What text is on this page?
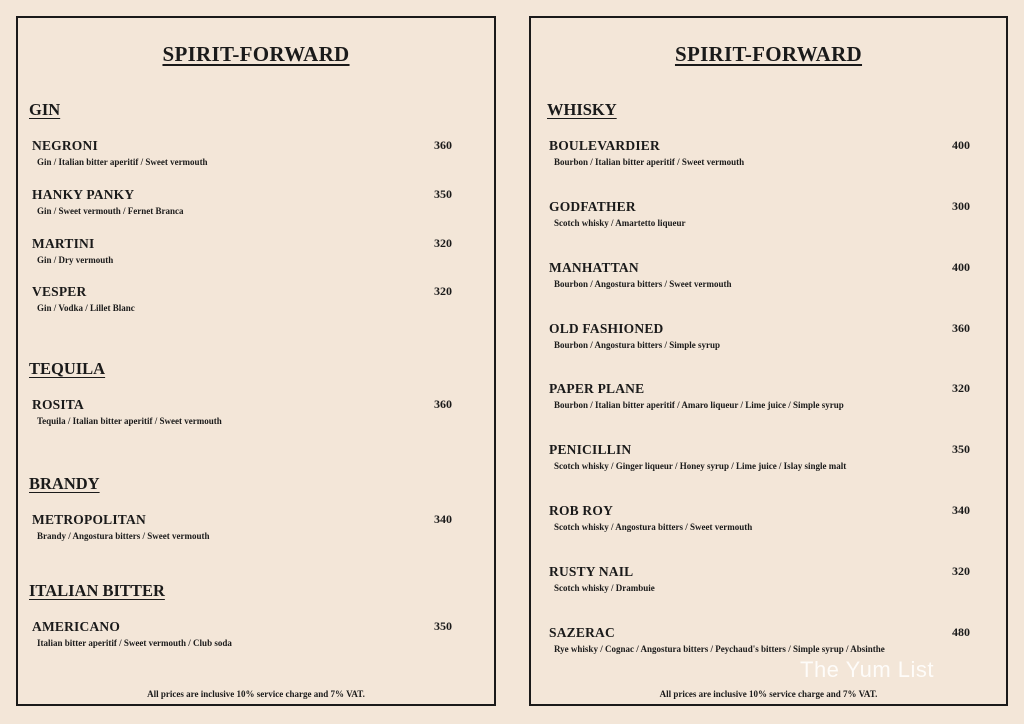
SPIRIT-FORWARD
GIN
NEGRONI	360
Gin / Italian bitter aperitif / Sweet vermouth
HANKY PANKY	350
Gin / Sweet vermouth / Fernet Branca
MARTINI	320
Gin / Dry vermouth
VESPER	320
Gin / Vodka / Lillet Blanc
TEQUILA
ROSITA	360
Tequila / Italian bitter aperitif / Sweet vermouth
BRANDY
METROPOLITAN	340
Brandy / Angostura bitters / Sweet vermouth
ITALIAN BITTER
AMERICANO	350
Italian bitter aperitif / Sweet vermouth / Club soda
All prices are inclusive 10% service charge and 7% VAT.
SPIRIT-FORWARD
WHISKY
BOULEVARDIER	400
Bourbon / Italian bitter aperitif / Sweet vermouth
GODFATHER	300
Scotch whisky / Amartetto liqueur
MANHATTAN	400
Bourbon / Angostura bitters / Sweet vermouth
OLD FASHIONED	360
Bourbon / Angostura bitters / Simple syrup
PAPER PLANE	320
Bourbon / Italian bitter aperitif / Amaro liqueur / Lime juice / Simple syrup
PENICILLIN	350
Scotch whisky / Ginger liqueur / Honey syrup / Lime juice / Islay single malt
ROB ROY	340
Scotch whisky / Angostura bitters / Sweet vermouth
RUSTY NAIL	320
Scotch whisky / Drambuie
SAZERAC	480
Rye whisky / Cognac / Angostura bitters / Peychaud's bitters / Simple syrup / Absinthe
All prices are inclusive 10% service charge and 7% VAT.
The Yum List
